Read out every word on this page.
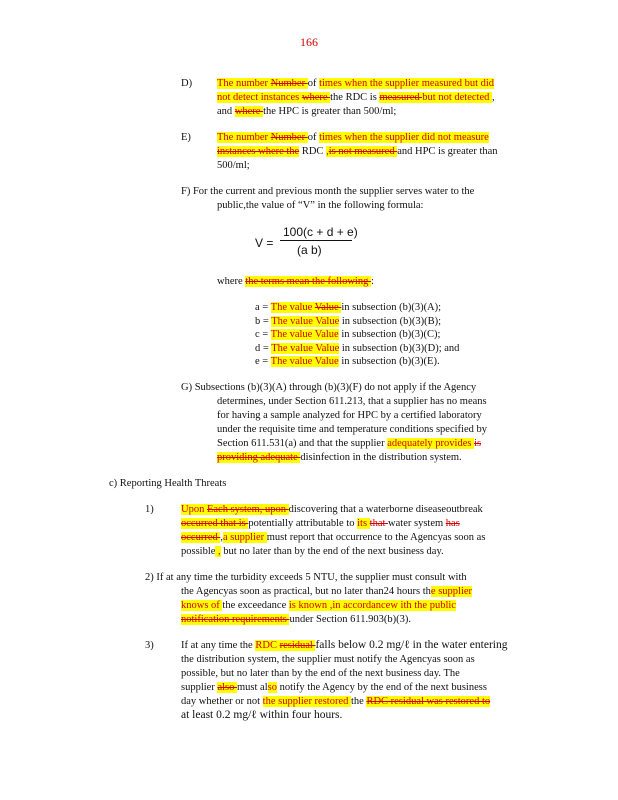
166
D) The number Number of times when the supplier measured but did
not detect instances where the RDC is measured but not detected ,
and where the HPC is greater than 500/ml;
E) The number Number of times when the supplier did not measure
instances where the RDC ,is not measured and HPC is greater than
500/ml;
F) For the current and previous month the supplier serves water to the
public,the value of “V” in the following formula:
V =
100(c + d + e)
(a b)
where the terms mean the following :
a = The value Value in subsection (b)(3)(A);
b = The value Value in subsection (b)(3)(B);
c = The value Value in subsection (b)(3)(C);
d = The value Value in subsection (b)(3)(D); and
e = The value Value in subsection (b)(3)(E).
G) Subsections (b)(3)(A) through (b)(3)(F) do not apply if the Agency
determines, under Section 611.213, that a supplier has no means
for having a sample analyzed for HPC by a certified laboratory
under the requisite time and temperature conditions specified by
Section 611.531(a) and that the supplier adequately provides is
providing adequate disinfection in the distribution system.
c) Reporting Health Threats
1)	Upon Each system, upon discovering that a waterborne diseaseoutbreak
occurred that is potentially attributable to its that water system has
occurred ,a supplier must report that occurrence to the Agencyas soon as
possible , but no later than by the end of the next business day.
2) If at any time the turbidity exceeds 5 NTU, the supplier must consult with
the Agencyas soon as practical, but no later than24 hours the supplier
knows of the exceedance is known ,in accordancew ith the public
notification requirements under Section 611.903(b)(3).
3)	If at any time the RDC residual falls below 0.2 mg/ℓ in the water entering
the distribution system, the supplier must notify the Agencyas soon as
possible, but no later than by the end of the next business day. The
supplier also must also notify the Agency by the end of the next business
day whether or not the supplier restored the RDC residual was restored to
at least 0.2 mg/ℓ within four hours.
